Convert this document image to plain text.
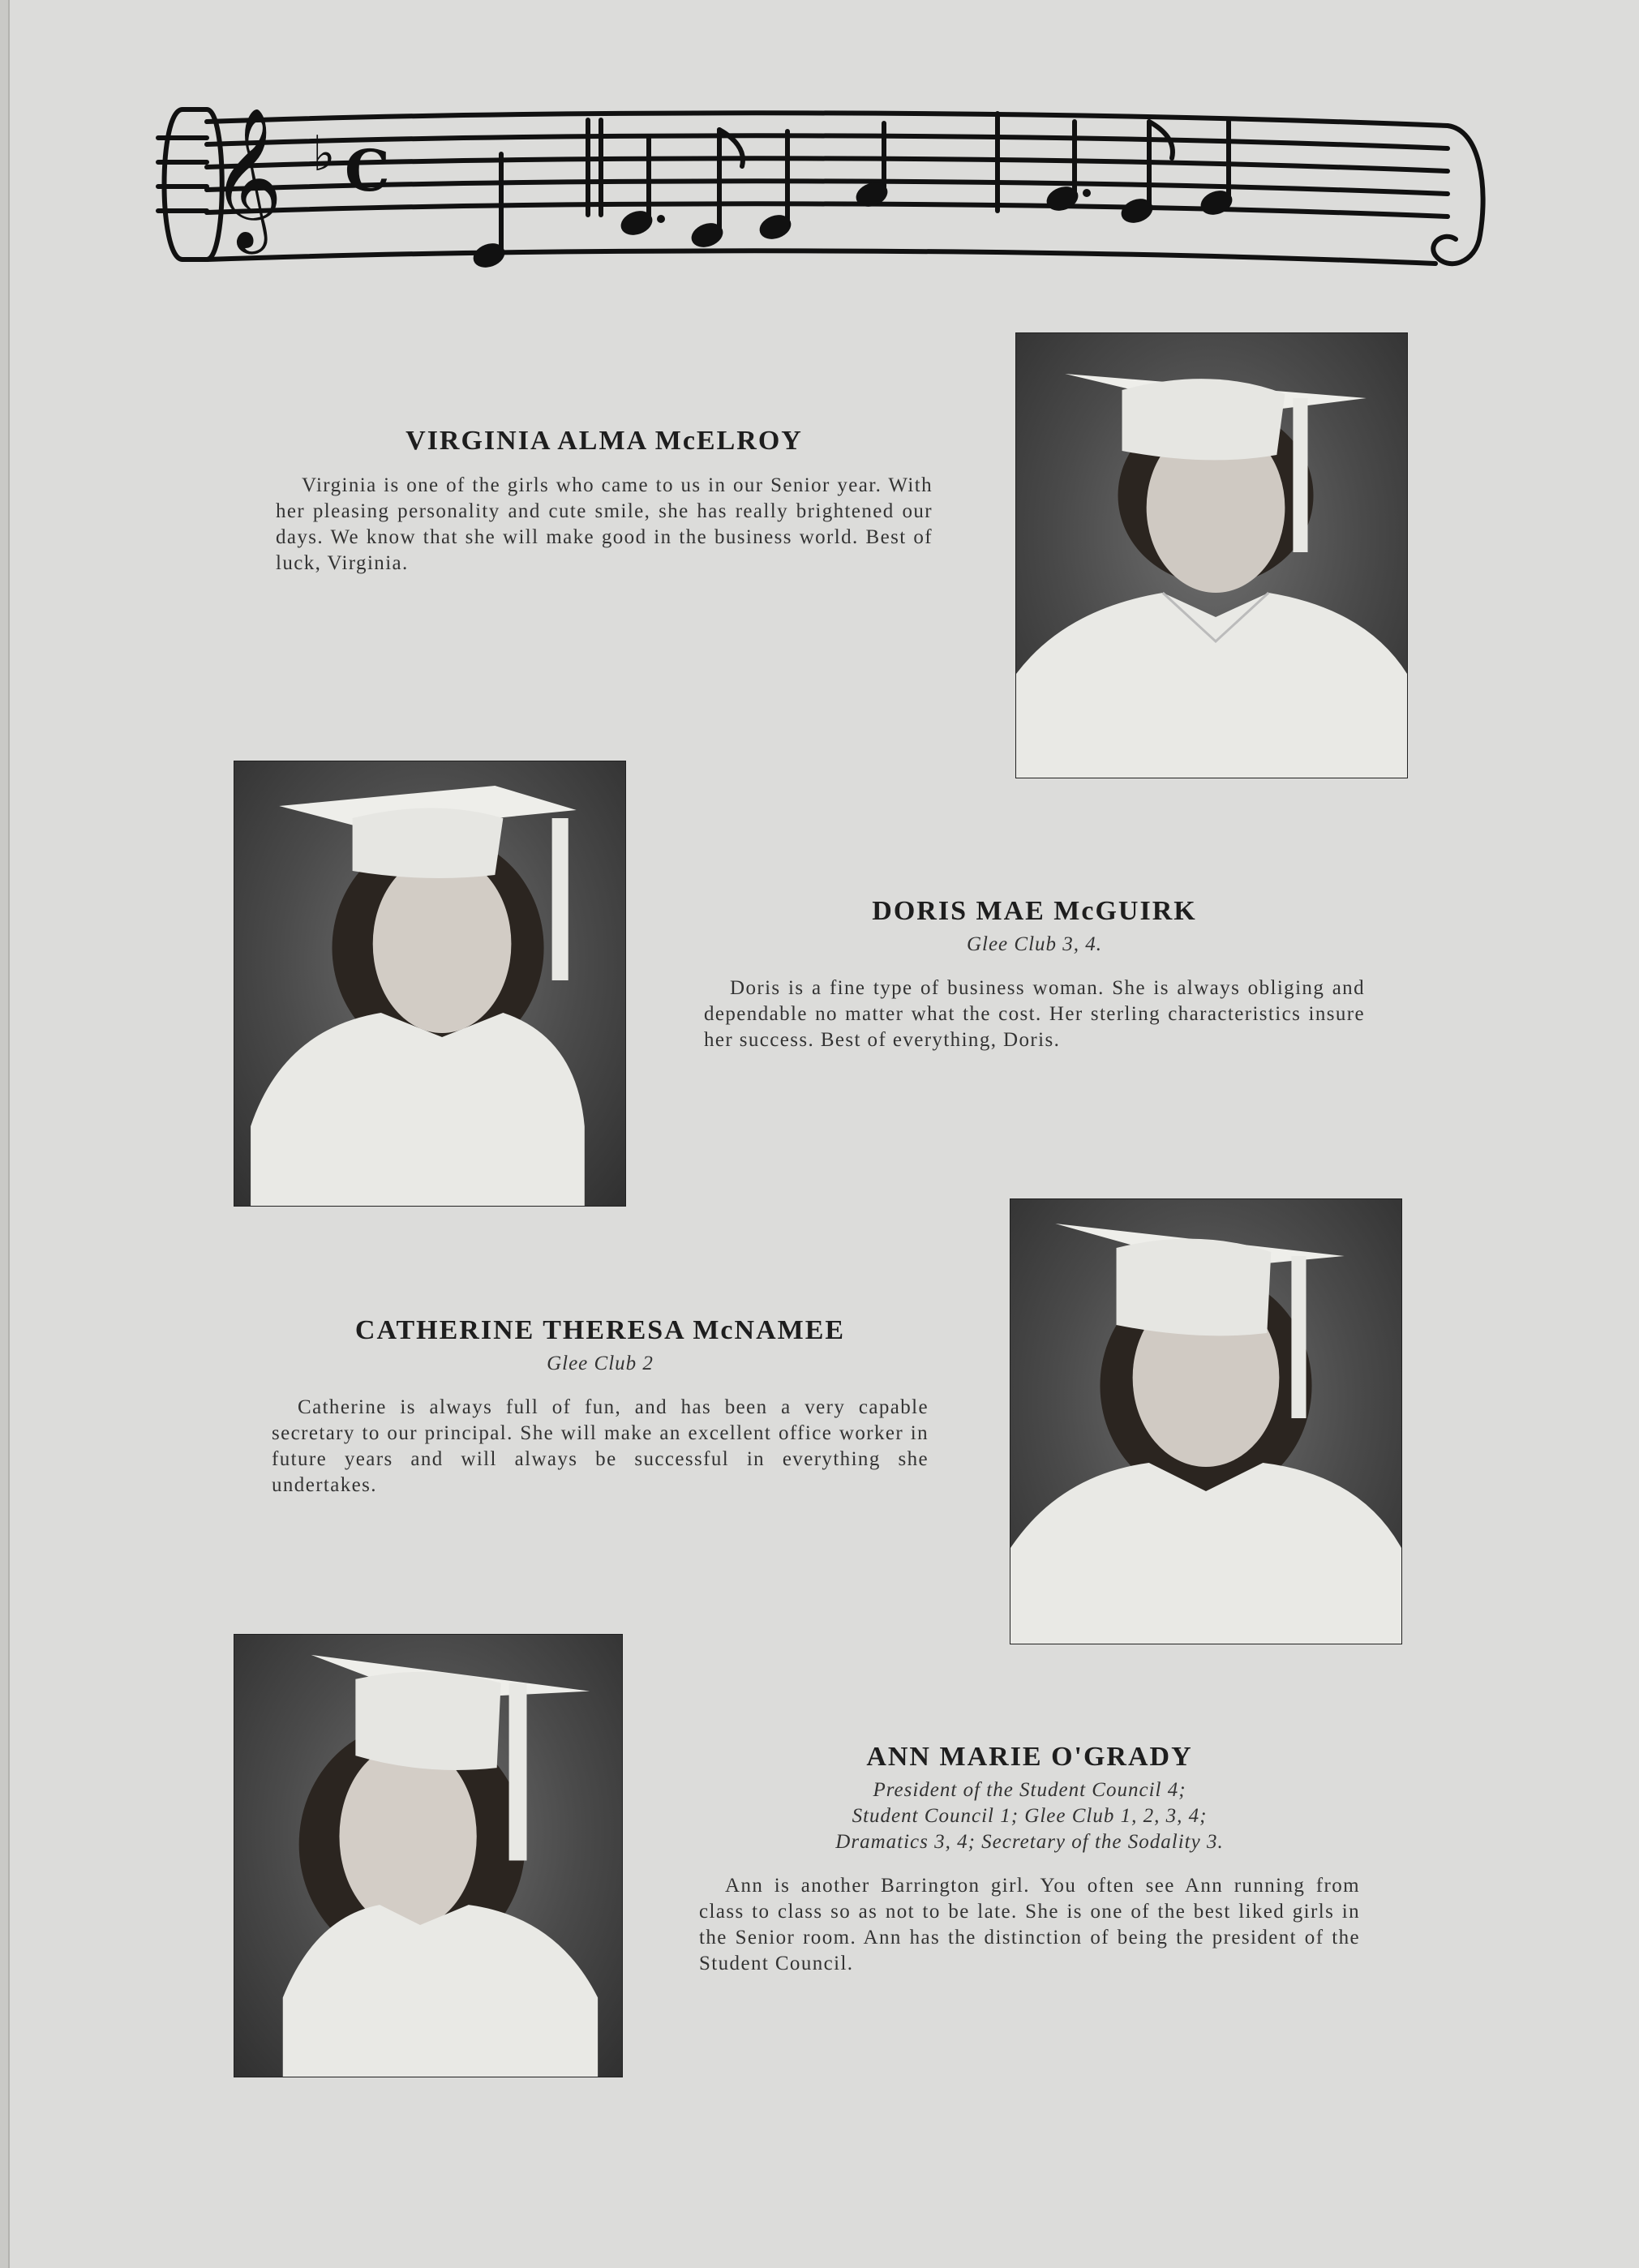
𝄞 ♭ C

VIRGINIA ALMA McELROY

Virginia is one of the girls who came to us in our Senior year. With her pleasing personality and cute smile, she has really brightened our days. We know that she will make good in the business world. Best of luck, Virginia.

DORIS MAE McGUIRK

Glee Club 3, 4.

Doris is a fine type of business woman. She is always obliging and dependable no matter what the cost. Her sterling characteristics insure her success. Best of everything, Doris.

CATHERINE THERESA McNAMEE

Glee Club 2

Catherine is always full of fun, and has been a very capable secretary to our principal. She will make an excellent office worker in future years and will always be successful in everything she undertakes.

ANN MARIE O'GRADY

President of the Student Council 4;
Student Council 1; Glee Club 1, 2, 3, 4;
Dramatics 3, 4; Secretary of the Sodality 3.

Ann is another Barrington girl. You often see Ann running from class to class so as not to be late. She is one of the best liked girls in the Senior room. Ann has the distinction of being the president of the Student Council.
